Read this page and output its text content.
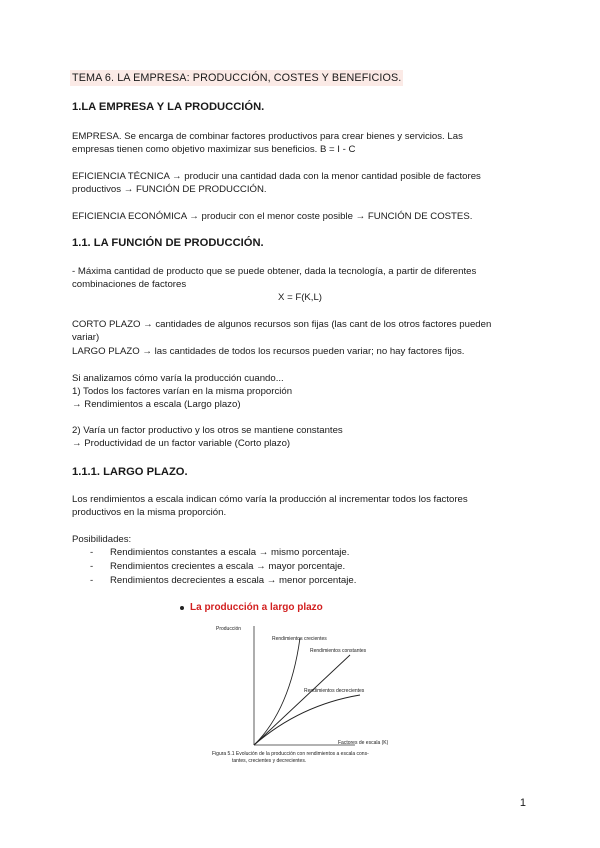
TEMA 6. LA EMPRESA: PRODUCCIÓN, COSTES Y BENEFICIOS.
1.LA EMPRESA Y LA PRODUCCIÓN.
EMPRESA. Se encarga de combinar factores productivos para crear bienes y servicios. Las
empresas tienen como objetivo maximizar sus beneficios. B = I - C
EFICIENCIA TÉCNICA → producir una cantidad dada con la menor cantidad posible de factores
productivos → FUNCIÓN DE PRODUCCIÓN.
EFICIENCIA ECONÓMICA → producir con el menor coste posible → FUNCIÓN DE COSTES.
1.1. LA FUNCIÓN DE PRODUCCIÓN.
- Máxima cantidad de producto que se puede obtener, dada la tecnología, a partir de diferentes
combinaciones de factores
X = F(K,L)
CORTO PLAZO → cantidades de algunos recursos son fijas (las cant de los otros factores pueden
variar)
LARGO PLAZO → las cantidades de todos los recursos pueden variar; no hay factores fijos.
Si analizamos cómo varía la producción cuando...
1) Todos los factores varían en la misma proporción
→ Rendimientos a escala (Largo plazo)
2) Varía un factor productivo y los otros se mantiene constantes
→ Productividad de un factor variable (Corto plazo)
1.1.1. LARGO PLAZO.
Los rendimientos a escala indican cómo varía la producción al incrementar todos los factores
productivos en la misma proporción.
Posibilidades:
- Rendimientos constantes a escala → mismo porcentaje.
- Rendimientos crecientes a escala → mayor porcentaje.
- Rendimientos decrecientes a escala → menor porcentaje.
La producción a largo plazo
Producción
Rendimientos crecientes
Rendimientos constantes
Rendimientos decrecientes
Factores de escala (K)
Figura 5.1 Evolución de la producción con rendimientos a escala cons-
tantes, crecientes y decrecientes.
1
